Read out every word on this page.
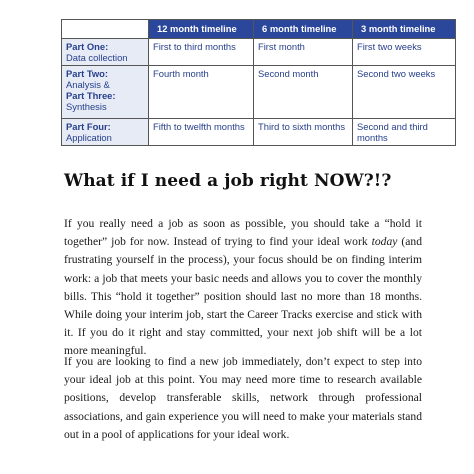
	12 month timeline	6 month timeline	3 month timeline

Part One:
Data collection	First to third months	First month	First two weeks

Part Two:
Analysis &
Part Three:
Synthesis	Fourth month	Second month	Second two weeks

Part Four:
Application	Fifth to twelfth months	Third to sixth months	Second and third months
What if I need a job right NOW?!?

If you really need a job as soon as possible, you should take a “hold it together” job for now. Instead of trying to find your ideal work today (and frustrating yourself in the process), your focus should be on finding interim work: a job that meets your basic needs and allows you to cover the monthly bills. This “hold it together” position should last no more than 18 months. While doing your interim job, start the Career Tracks exercise and stick with it. If you do it right and stay committed, your next job shift will be a lot more meaningful.

If you are looking to find a new job immediately, don’t expect to step into your ideal job at this point. You may need more time to research available positions, develop transferable skills, network through professional associations, and gain experience you will need to make your materials stand out in a pool of applications for your ideal work.
